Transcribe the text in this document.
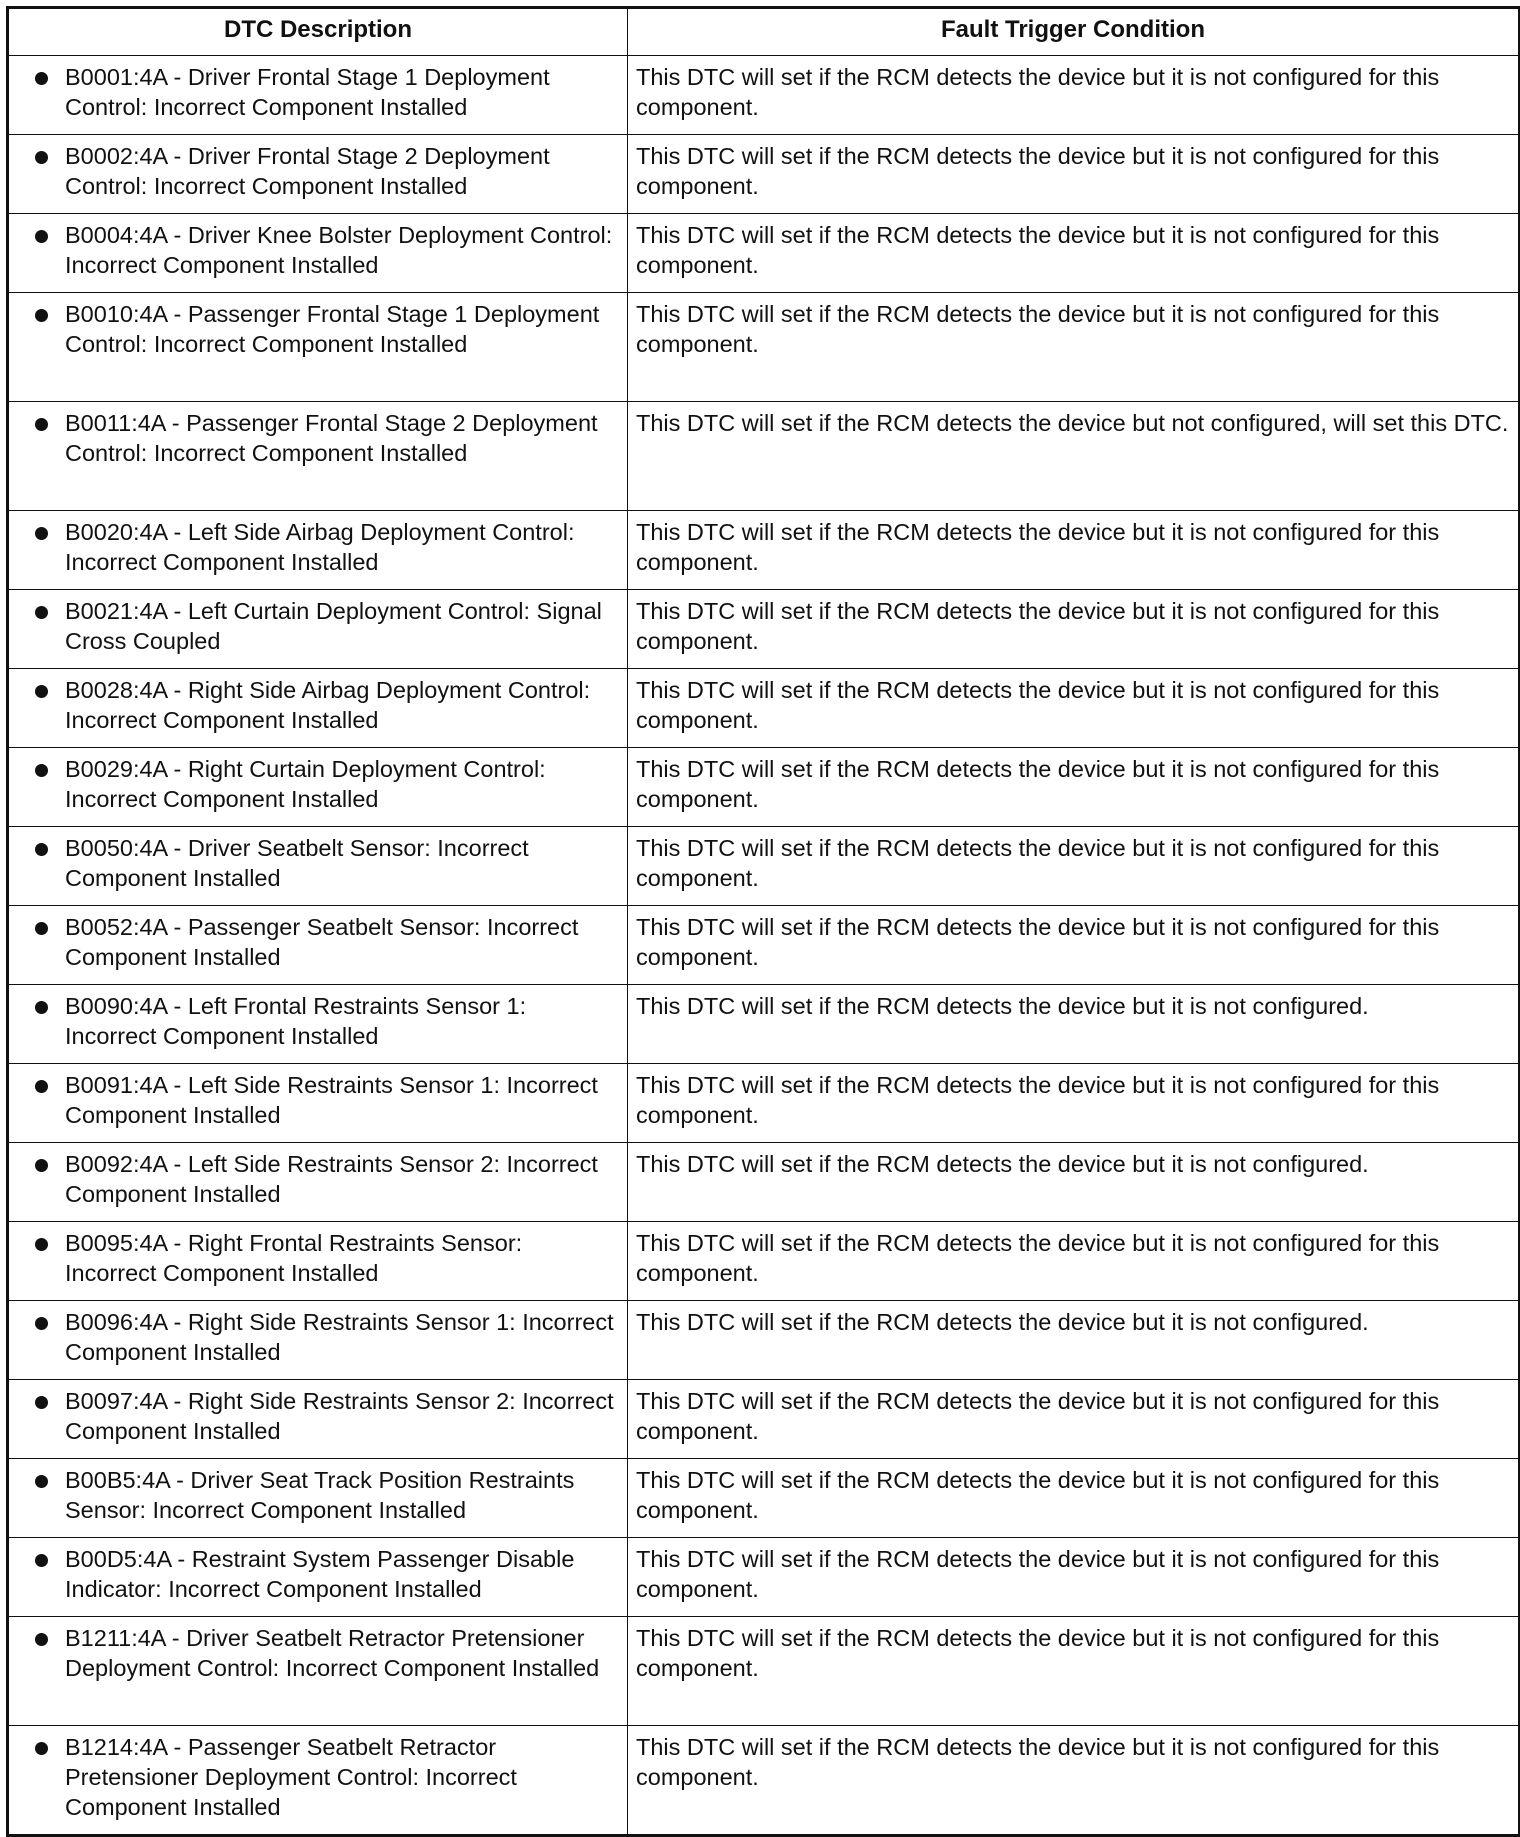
DTC Description	Fault Trigger Condition

B0001:4A - Driver Frontal Stage 1 Deployment Control: Incorrect Component Installed	This DTC will set if the RCM detects the device but it is not configured for this component.

B0002:4A - Driver Frontal Stage 2 Deployment Control: Incorrect Component Installed	This DTC will set if the RCM detects the device but it is not configured for this component.

B0004:4A - Driver Knee Bolster Deployment Control: Incorrect Component Installed	This DTC will set if the RCM detects the device but it is not configured for this component.

B0010:4A - Passenger Frontal Stage 1 Deployment Control: Incorrect Component Installed	This DTC will set if the RCM detects the device but it is not configured for this component.

B0011:4A - Passenger Frontal Stage 2 Deployment Control: Incorrect Component Installed	This DTC will set if the RCM detects the device but not configured, will set this DTC.

B0020:4A - Left Side Airbag Deployment Control: Incorrect Component Installed	This DTC will set if the RCM detects the device but it is not configured for this component.

B0021:4A - Left Curtain Deployment Control: Signal Cross Coupled	This DTC will set if the RCM detects the device but it is not configured for this component.

B0028:4A - Right Side Airbag Deployment Control: Incorrect Component Installed	This DTC will set if the RCM detects the device but it is not configured for this component.

B0029:4A - Right Curtain Deployment Control: Incorrect Component Installed	This DTC will set if the RCM detects the device but it is not configured for this component.

B0050:4A - Driver Seatbelt Sensor: Incorrect Component Installed	This DTC will set if the RCM detects the device but it is not configured for this component.

B0052:4A - Passenger Seatbelt Sensor: Incorrect Component Installed	This DTC will set if the RCM detects the device but it is not configured for this component.

B0090:4A - Left Frontal Restraints Sensor 1: Incorrect Component Installed	This DTC will set if the RCM detects the device but it is not configured.

B0091:4A - Left Side Restraints Sensor 1: Incorrect Component Installed	This DTC will set if the RCM detects the device but it is not configured for this component.

B0092:4A - Left Side Restraints Sensor 2: Incorrect Component Installed	This DTC will set if the RCM detects the device but it is not configured.

B0095:4A - Right Frontal Restraints Sensor: Incorrect Component Installed	This DTC will set if the RCM detects the device but it is not configured for this component.

B0096:4A - Right Side Restraints Sensor 1: Incorrect Component Installed	This DTC will set if the RCM detects the device but it is not configured.

B0097:4A - Right Side Restraints Sensor 2: Incorrect Component Installed	This DTC will set if the RCM detects the device but it is not configured for this component.

B00B5:4A - Driver Seat Track Position Restraints Sensor: Incorrect Component Installed	This DTC will set if the RCM detects the device but it is not configured for this component.

B00D5:4A - Restraint System Passenger Disable Indicator: Incorrect Component Installed	This DTC will set if the RCM detects the device but it is not configured for this component.

B1211:4A - Driver Seatbelt Retractor Pretensioner Deployment Control: Incorrect Component Installed	This DTC will set if the RCM detects the device but it is not configured for this component.

B1214:4A - Passenger Seatbelt Retractor Pretensioner Deployment Control: Incorrect Component Installed	This DTC will set if the RCM detects the device but it is not configured for this component.
